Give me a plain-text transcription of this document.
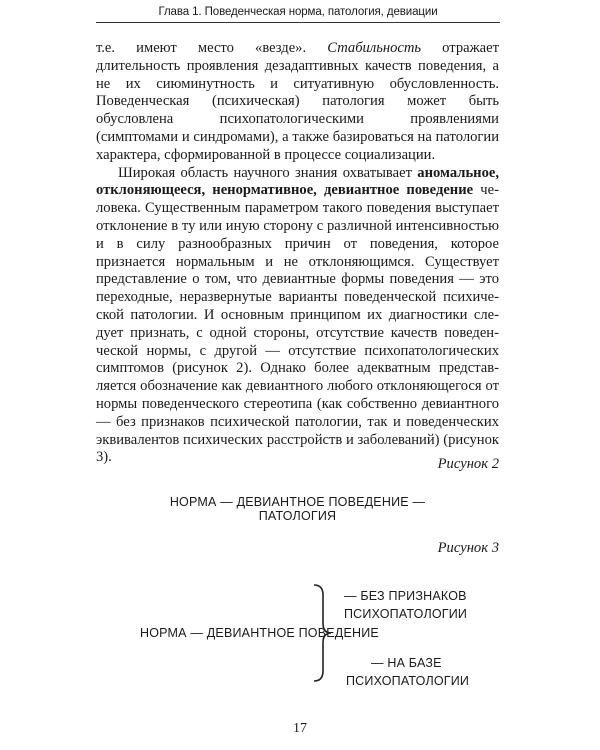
Глава 1. Поведенческая норма, патология, девиации

т.е. имеют место «везде». Стабильность отражает длительность проявления дезадаптивных качеств поведения, а не их сиюминутность и ситуативную обусловленность. Поведенческая (психическая) патология может быть обусловлена психопатологическими проявлениями (симптомами и синдромами), а также базироваться на патологии характера, сформированной в процессе социализации.

Широкая область научного знания охватывает аномальное, отклоняющееся, ненормативное, девиантное поведение человека. Существенным параметром такого поведения выступает отклонение в ту или иную сторону с различной интенсивностью и в силу разнообразных причин от поведения, которое признается нормальным и не отклоняющимся. Существует представление о том, что девиантные формы поведения — это переходные, неразвернутые варианты поведенческой психической патологии. И основным принципом их диагностики следует признать, с одной стороны, отсутствие качеств поведенческой нормы, с другой — отсутствие психопатологических симптомов (рисунок 2). Однако более адекватным представляется обозначение как девиантного любого отклоняющегося от нормы поведенческого стереотипа (как собственно девиантного — без признаков психической патологии, так и поведенческих эквивалентов психических расстройств и заболеваний) (рисунок 3).	Рисунок 2
НОРМА — ДЕВИАНТНОЕ ПОВЕДЕНИЕ — ПАТОЛОГИЯ
Рисунок 3
НОРМА — ДЕВИАНТНОЕ ПОВЕДЕНИЕ
— БЕЗ ПРИЗНАКОВ
ПСИХОПАТОЛОГИИ
— НА БАЗЕ
ПСИХОПАТОЛОГИИ
17
